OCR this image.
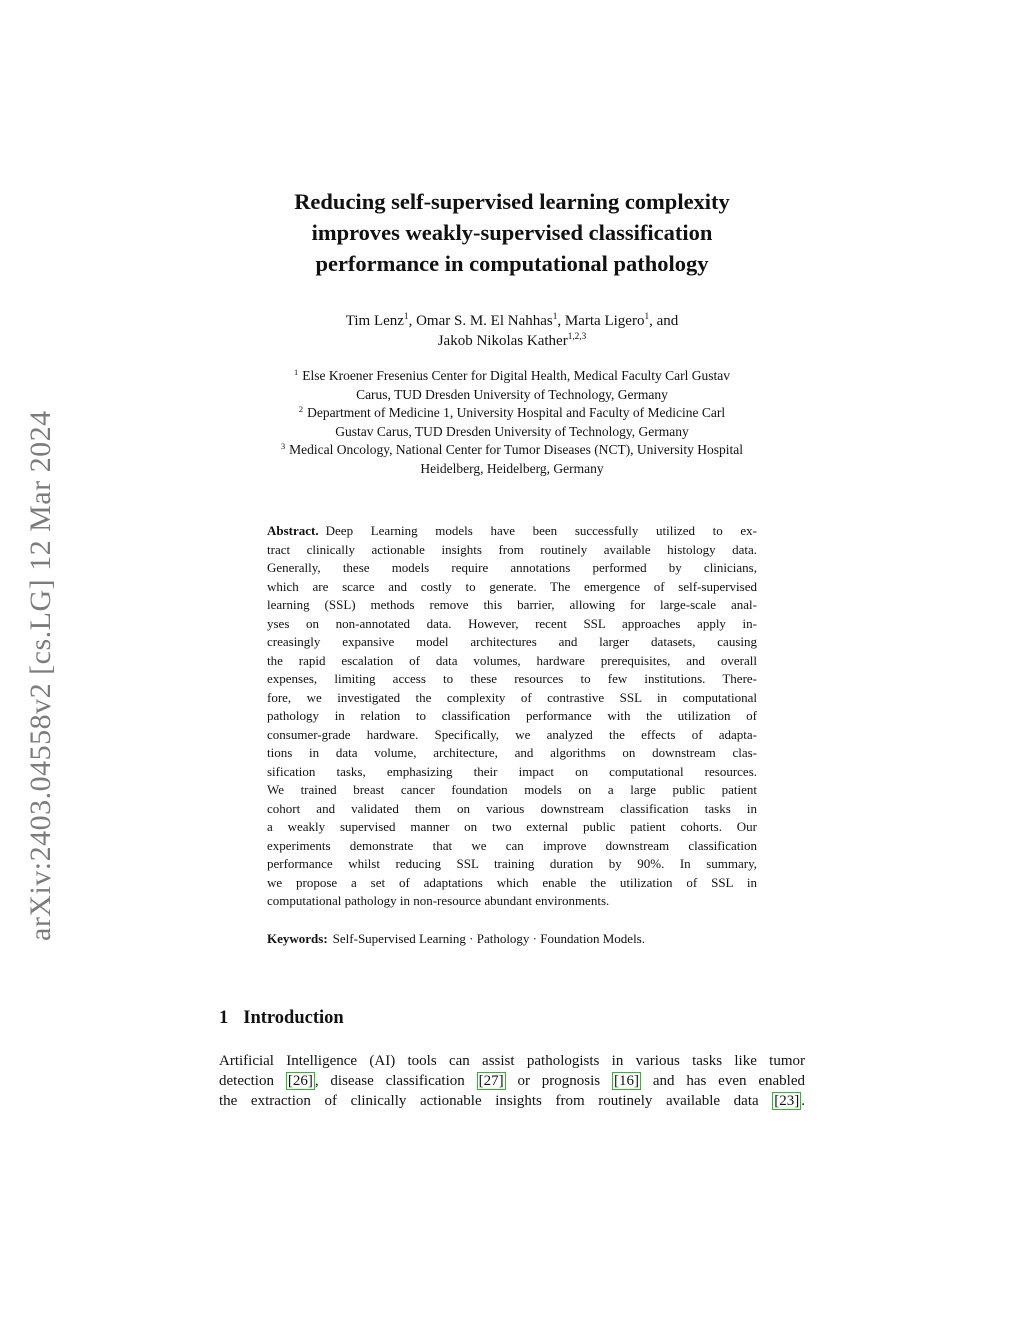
arXiv:2403.04558v2 [cs.LG] 12 Mar 2024
Reducing self-supervised learning complexity
improves weakly-supervised classification
performance in computational pathology
Tim Lenz$^1$, Omar S. M. El Nahhas$^1$, Marta Ligero$^1$, and
Jakob Nikolas Kather$^{1,2,3}$
$^1$ Else Kroener Fresenius Center for Digital Health, Medical Faculty Carl Gustav
Carus, TUD Dresden University of Technology, Germany
$^2$ Department of Medicine 1, University Hospital and Faculty of Medicine Carl
Gustav Carus, TUD Dresden University of Technology, Germany
$^3$ Medical Oncology, National Center for Tumor Diseases (NCT), University Hospital
Heidelberg, Heidelberg, Germany
Abstract. Deep Learning models have been successfully utilized to ex-
tract clinically actionable insights from routinely available histology data.
Generally, these models require annotations performed by clinicians,
which are scarce and costly to generate. The emergence of self-supervised
learning (SSL) methods remove this barrier, allowing for large-scale anal-
yses on non-annotated data. However, recent SSL approaches apply in-
creasingly expansive model architectures and larger datasets, causing
the rapid escalation of data volumes, hardware prerequisites, and overall
expenses, limiting access to these resources to few institutions. There-
fore, we investigated the complexity of contrastive SSL in computational
pathology in relation to classification performance with the utilization of
consumer-grade hardware. Specifically, we analyzed the effects of adapta-
tions in data volume, architecture, and algorithms on downstream clas-
sification tasks, emphasizing their impact on computational resources.
We trained breast cancer foundation models on a large public patient
cohort and validated them on various downstream classification tasks in
a weakly supervised manner on two external public patient cohorts. Our
experiments demonstrate that we can improve downstream classification
performance whilst reducing SSL training duration by 90%. In summary,
we propose a set of adaptations which enable the utilization of SSL in
computational pathology in non-resource abundant environments.
Keywords: Self-Supervised Learning · Pathology · Foundation Models.
1 Introduction
Artificial Intelligence (AI) tools can assist pathologists in various tasks like tumor
detection [26] , disease classification [27] or prognosis [16] and has even enabled
the extraction of clinically actionable insights from routinely available data [23] .
